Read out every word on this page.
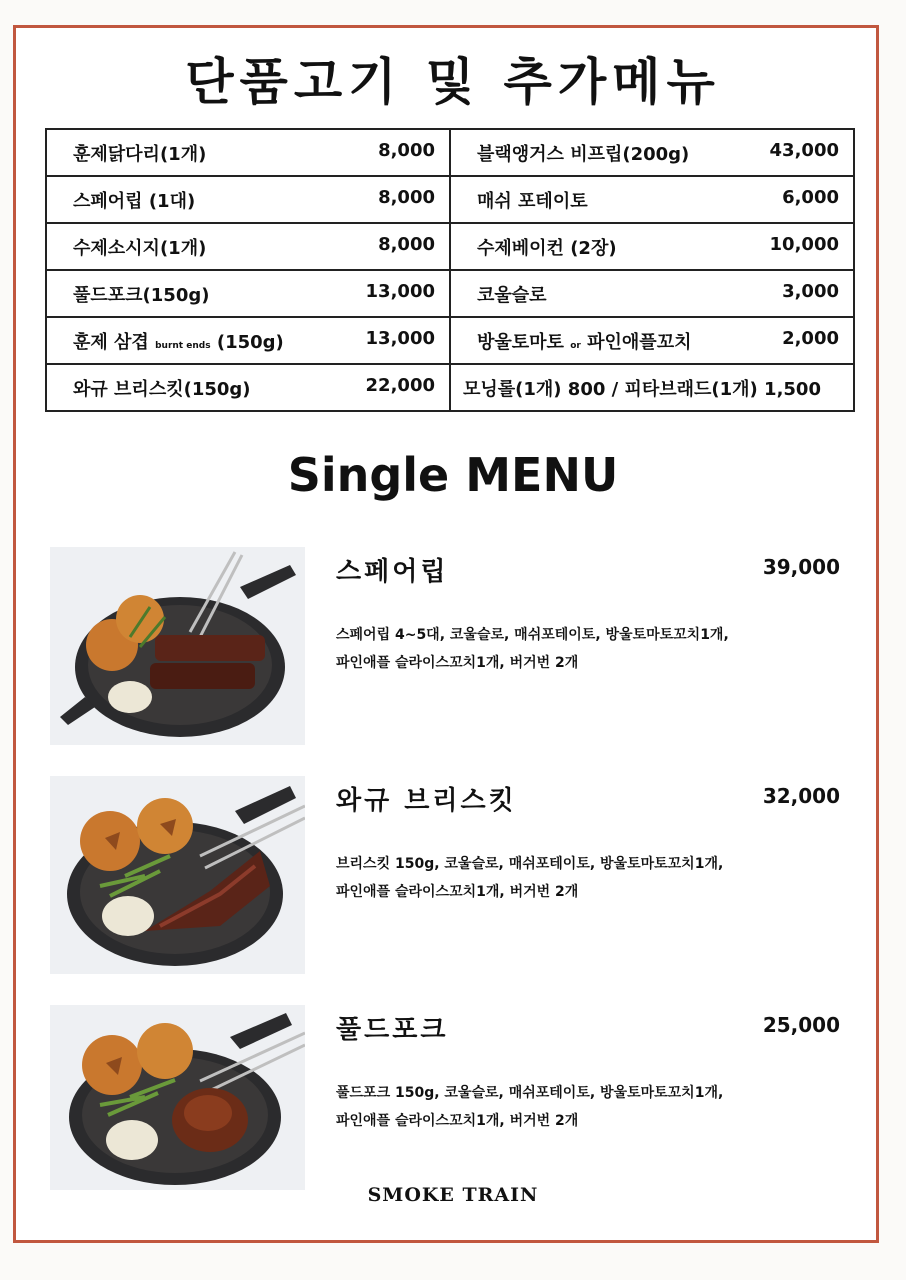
단품고기 및 추가메뉴
훈제닭다리(1개) 8,000	블랙앵거스 비프립(200g) 43,000

스페어립 (1대) 8,000	매쉬 포테이토 6,000

수제소시지(1개) 8,000	수제베이컨 (2장) 10,000

풀드포크(150g) 13,000	코울슬로 3,000

훈제 삼겹 burnt ends (150g) 13,000	방울토마토 or 파인애플꼬치 2,000

와규 브리스킷(150g) 22,000	모닝롤(1개) 800 / 피타브래드(1개) 1,500
Single MENU
스페어립	39,000
스페어립 4~5대, 코울슬로, 매쉬포테이토, 방울토마토꼬치1개,
파인애플 슬라이스꼬치1개, 버거번 2개
와규 브리스킷	32,000
브리스킷 150g, 코울슬로, 매쉬포테이토, 방울토마토꼬치1개,
파인애플 슬라이스꼬치1개, 버거번 2개
풀드포크	25,000
풀드포크 150g, 코울슬로, 매쉬포테이토, 방울토마토꼬치1개,
파인애플 슬라이스꼬치1개, 버거번 2개
SMOKE TRAIN
